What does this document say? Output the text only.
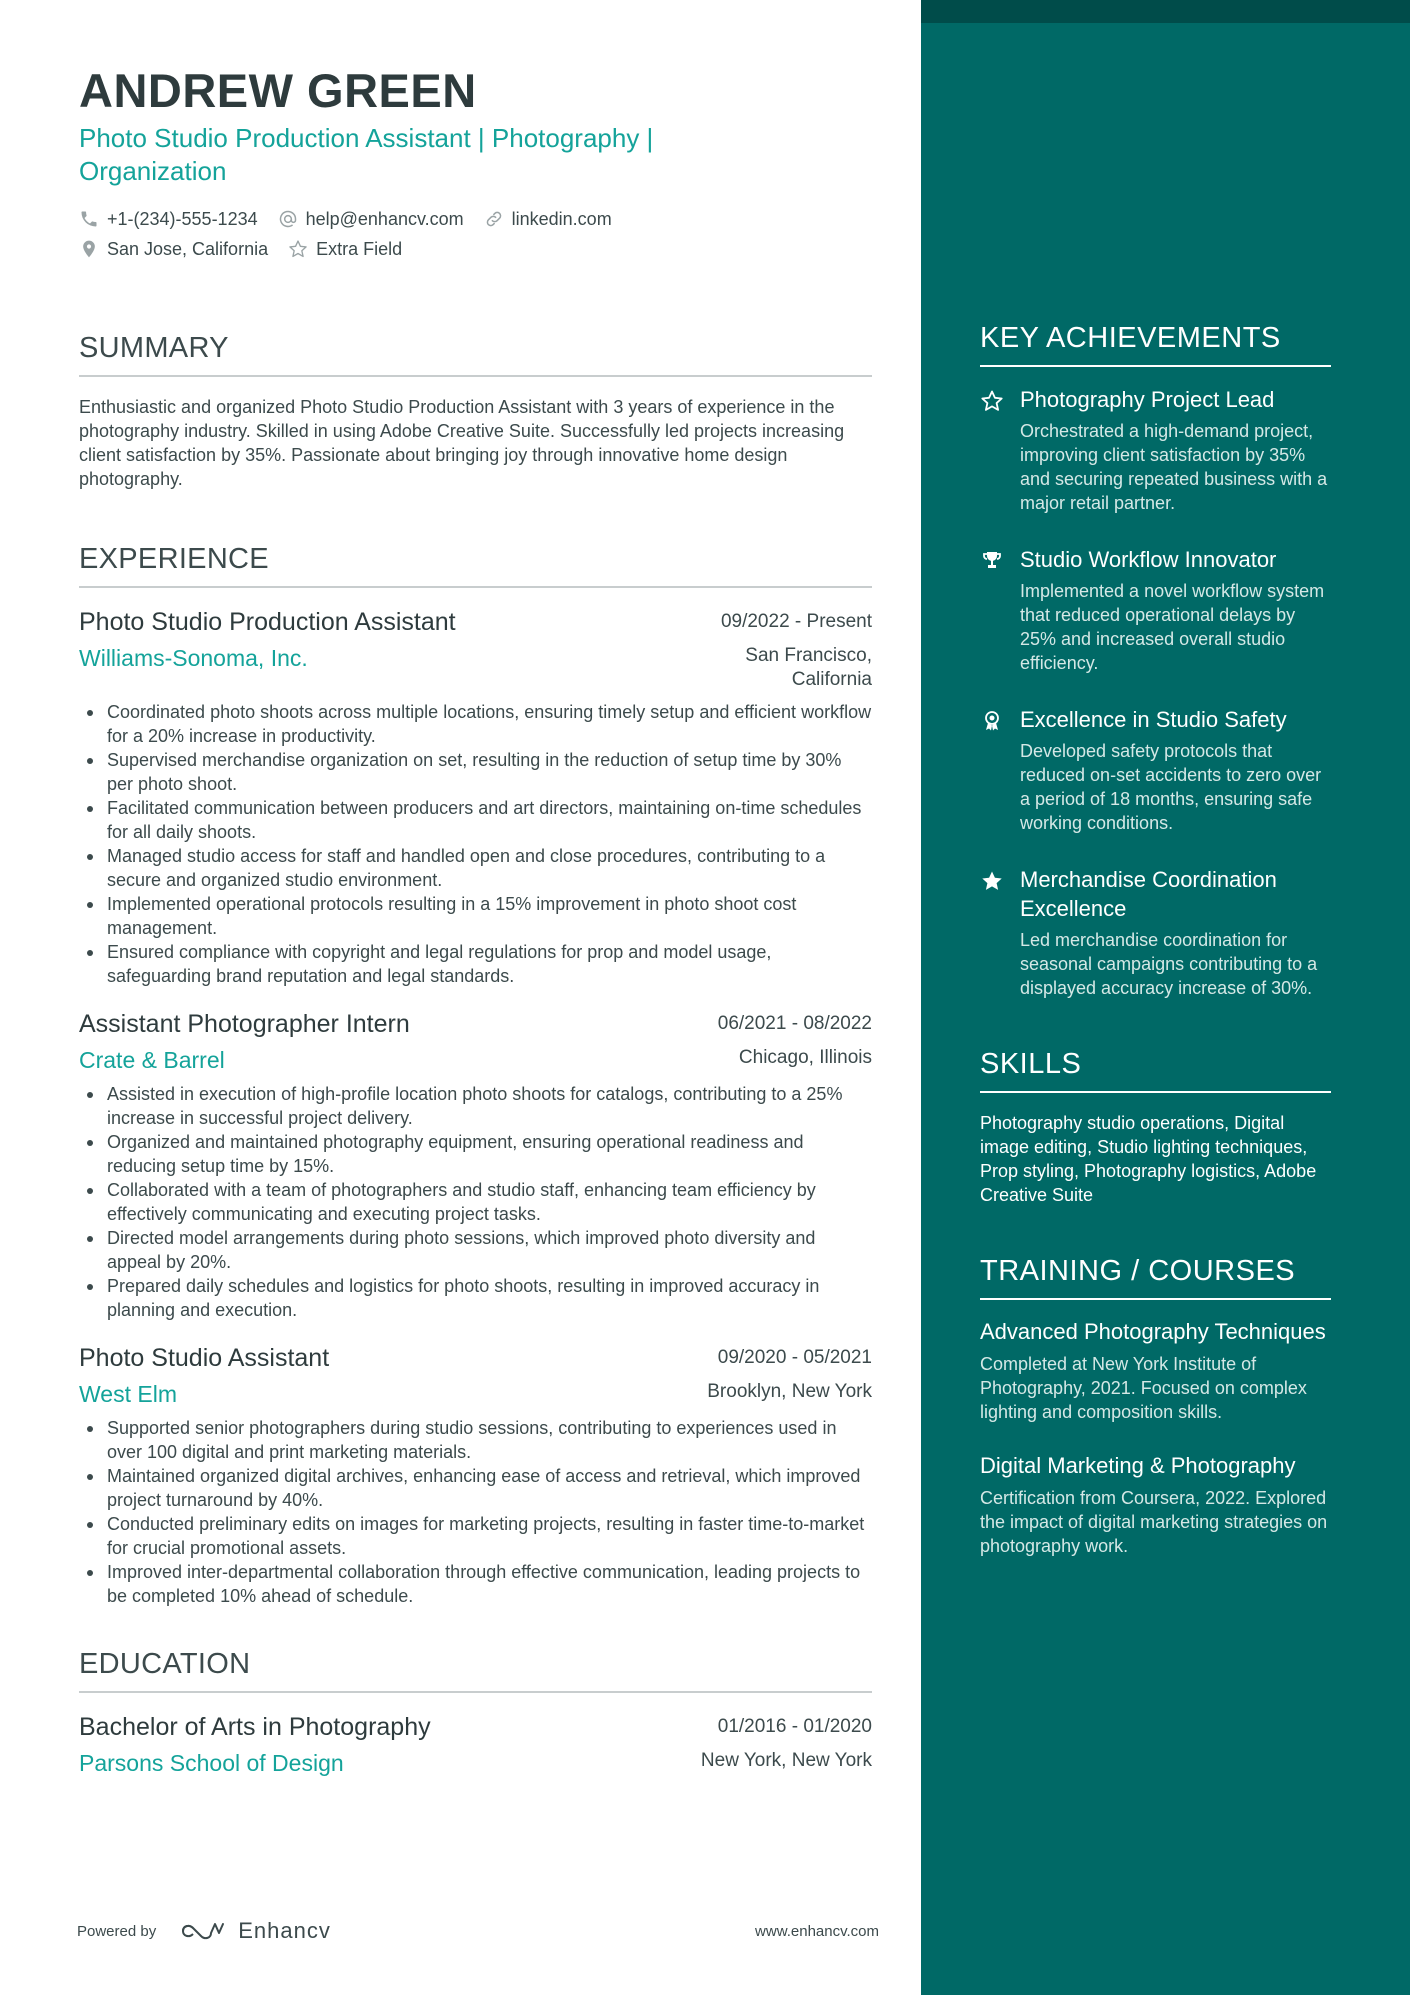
KEY ACHIEVEMENTS
Photography Project Lead
Orchestrated a high-demand project, improving client satisfaction by 35% and securing repeated business with a major retail partner.
Studio Workflow Innovator
Implemented a novel workflow system that reduced operational delays by 25% and increased overall studio efficiency.
Excellence in Studio Safety
Developed safety protocols that reduced on-set accidents to zero over a period of 18 months, ensuring safe working conditions.
Merchandise Coordination Excellence
Led merchandise coordination for seasonal campaigns contributing to a displayed accuracy increase of 30%.
SKILLS
Photography studio operations, Digital image editing, Studio lighting techniques, Prop styling, Photography logistics, Adobe Creative Suite
TRAINING / COURSES
Advanced Photography Techniques
Completed at New York Institute of Photography, 2021. Focused on complex lighting and composition skills.
Digital Marketing & Photography
Certification from Coursera, 2022. Explored the impact of digital marketing strategies on photography work.
ANDREW GREEN
Photo Studio Production Assistant | Photography | Organization
+1-(234)-555-1234	help@enhancv.com	linkedin.com
San Jose, California	Extra Field
SUMMARY
Enthusiastic and organized Photo Studio Production Assistant with 3 years of experience in the photography industry. Skilled in using Adobe Creative Suite. Successfully led projects increasing client satisfaction by 35%. Passionate about bringing joy through innovative home design photography.
EXPERIENCE
Photo Studio Production Assistant	09/2022 - Present
Williams-Sonoma, Inc.	San Francisco,
California
Coordinated photo shoots across multiple locations, ensuring timely setup and efficient workflow for a 20% increase in productivity.
Supervised merchandise organization on set, resulting in the reduction of setup time by 30% per photo shoot.
Facilitated communication between producers and art directors, maintaining on-time schedules for all daily shoots.
Managed studio access for staff and handled open and close procedures, contributing to a secure and organized studio environment.
Implemented operational protocols resulting in a 15% improvement in photo shoot cost management.
Ensured compliance with copyright and legal regulations for prop and model usage, safeguarding brand reputation and legal standards.
Assistant Photographer Intern	06/2021 - 08/2022
Crate & Barrel	Chicago, Illinois
Assisted in execution of high-profile location photo shoots for catalogs, contributing to a 25% increase in successful project delivery.
Organized and maintained photography equipment, ensuring operational readiness and reducing setup time by 15%.
Collaborated with a team of photographers and studio staff, enhancing team efficiency by effectively communicating and executing project tasks.
Directed model arrangements during photo sessions, which improved photo diversity and appeal by 20%.
Prepared daily schedules and logistics for photo shoots, resulting in improved accuracy in planning and execution.
Photo Studio Assistant	09/2020 - 05/2021
West Elm	Brooklyn, New York
Supported senior photographers during studio sessions, contributing to experiences used in over 100 digital and print marketing materials.
Maintained organized digital archives, enhancing ease of access and retrieval, which improved project turnaround by 40%.
Conducted preliminary edits on images for marketing projects, resulting in faster time-to-market for crucial promotional assets.
Improved inter-departmental collaboration through effective communication, leading projects to be completed 10% ahead of schedule.
EDUCATION
Bachelor of Arts in Photography	01/2016 - 01/2020
Parsons School of Design	New York, New York
Powered by	Enhancv	www.enhancv.com
